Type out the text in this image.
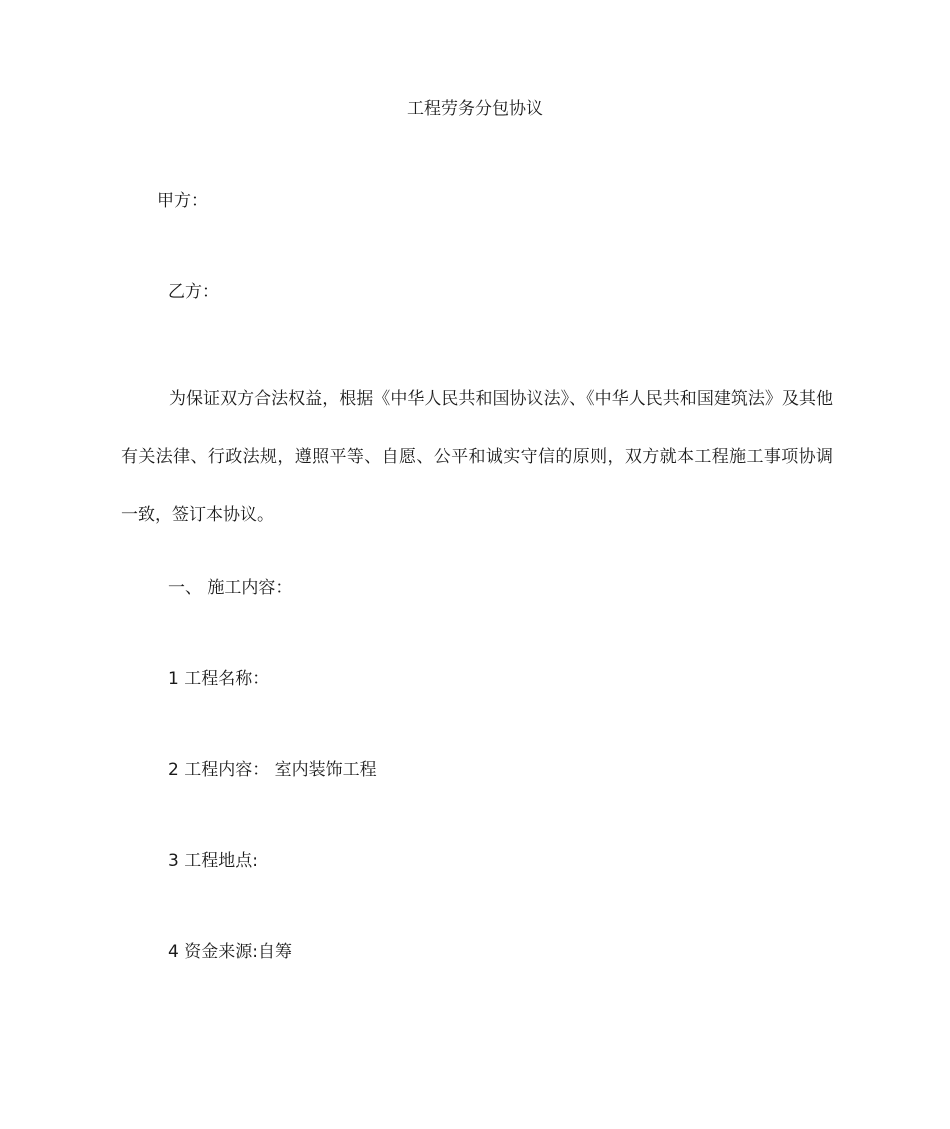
工程劳务分包协议
甲方：
乙方：
为保证双方合法权益，根据《中华人民共和国协议法》、《中华人民共和国建筑法》及其他有关法律、行政法规，遵照平等、自愿、公平和诚实守信的原则，双方就本工程施工事项协调一致，签订本协议。
一、 施工内容：
1 工程名称：
2 工程内容： 室内装饰工程
3 工程地点:
4 资金来源:自筹
